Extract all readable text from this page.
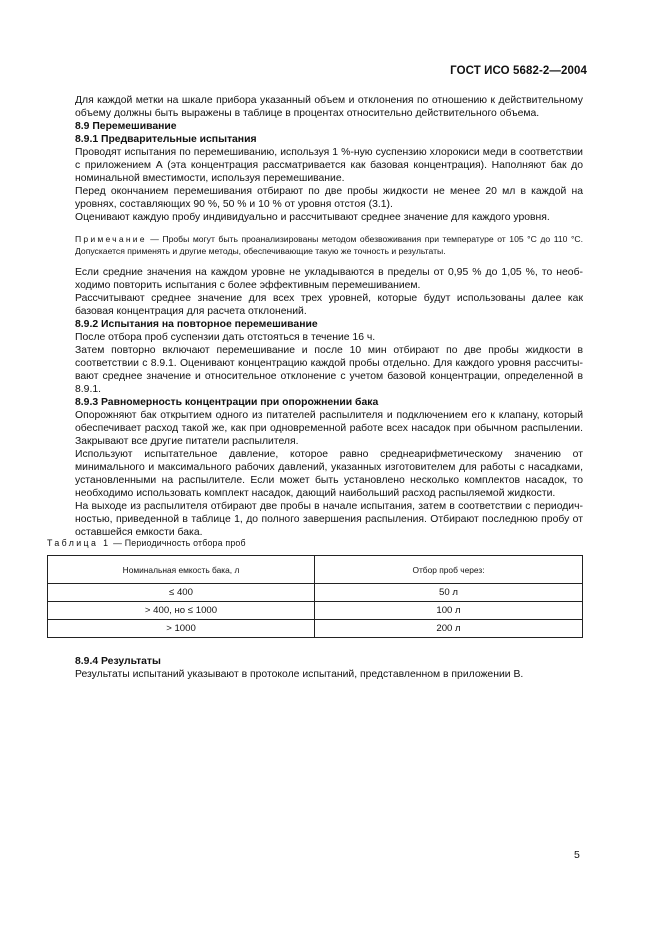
ГОСТ ИСО 5682-2—2004

Для каждой метки на шкале прибора указанный объем и отклонения по отношению к действительному объему должны быть выражены в таблице в процентах относительно действительного объема.

8.9 Перемешивание

8.9.1 Предварительные испытания

Проводят испытания по перемешиванию, используя 1 %-ную суспензию хлорокиси меди в соответствии с приложением А (эта концентрация рассматривается как базовая концентрация). Наполняют бак до номинальной вместимости, используя перемешивание.

Перед окончанием перемешивания отбирают по две пробы жидкости не менее 20 мл в каждой на уровнях, составляющих 90 %, 50 % и 10 % от уровня отстоя (3.1).

Оценивают каждую пробу индивидуально и рассчитывают среднее значение для каждого уровня.

Примечание — Пробы могут быть проанализированы методом обезвоживания при температуре от 105 °С до 110 °С. Допускается применять и другие методы, обеспечивающие такую же точность и результаты.

Если средние значения на каждом уровне не укладываются в пределы от 0,95 % до 1,05 %, то необходимо повторить испытания с более эффективным перемешиванием.

Рассчитывают среднее значение для всех трех уровней, которые будут использованы далее как базовая концентрация для расчета отклонений.

8.9.2 Испытания на повторное перемешивание

После отбора проб суспензии дать отстояться в течение 16 ч.

Затем повторно включают перемешивание и после 10 мин отбирают по две пробы жидкости в соответствии с 8.9.1. Оценивают концентрацию каждой пробы отдельно. Для каждого уровня рассчитывают среднее значение и относительное отклонение с учетом базовой концентрации, определенной в 8.9.1.

8.9.3 Равномерность концентрации при опорожнении бака

Опорожняют бак открытием одного из питателей распылителя и подключением его к клапану, который обеспечивает расход такой же, как при одновременной работе всех насадок при обычном распылении. Закрывают все другие питатели распылителя.

Используют испытательное давление, которое равно среднеарифметическому значению от минимального и максимального рабочих давлений, указанных изготовителем для работы с насадками, установленными на распылителе. Если может быть установлено несколько комплектов насадок, то необходимо использовать комплект насадок, дающий наибольший расход распыляемой жидкости.

На выходе из распылителя отбирают две пробы в начале испытания, затем в соответствии с периодичностью, приведенной в таблице 1, до полного завершения распыления. Отбирают последнюю пробу от оставшейся емкости бака.

Таблица 1 — Периодичность отбора проб
Номинальная емкость бака, л	Отбор проб через:
≤ 400	50 л
> 400, но ≤ 1000	100 л
> 1000	200 л

8.9.4 Результаты

Результаты испытаний указывают в протоколе испытаний, представленном в приложении В.

5
